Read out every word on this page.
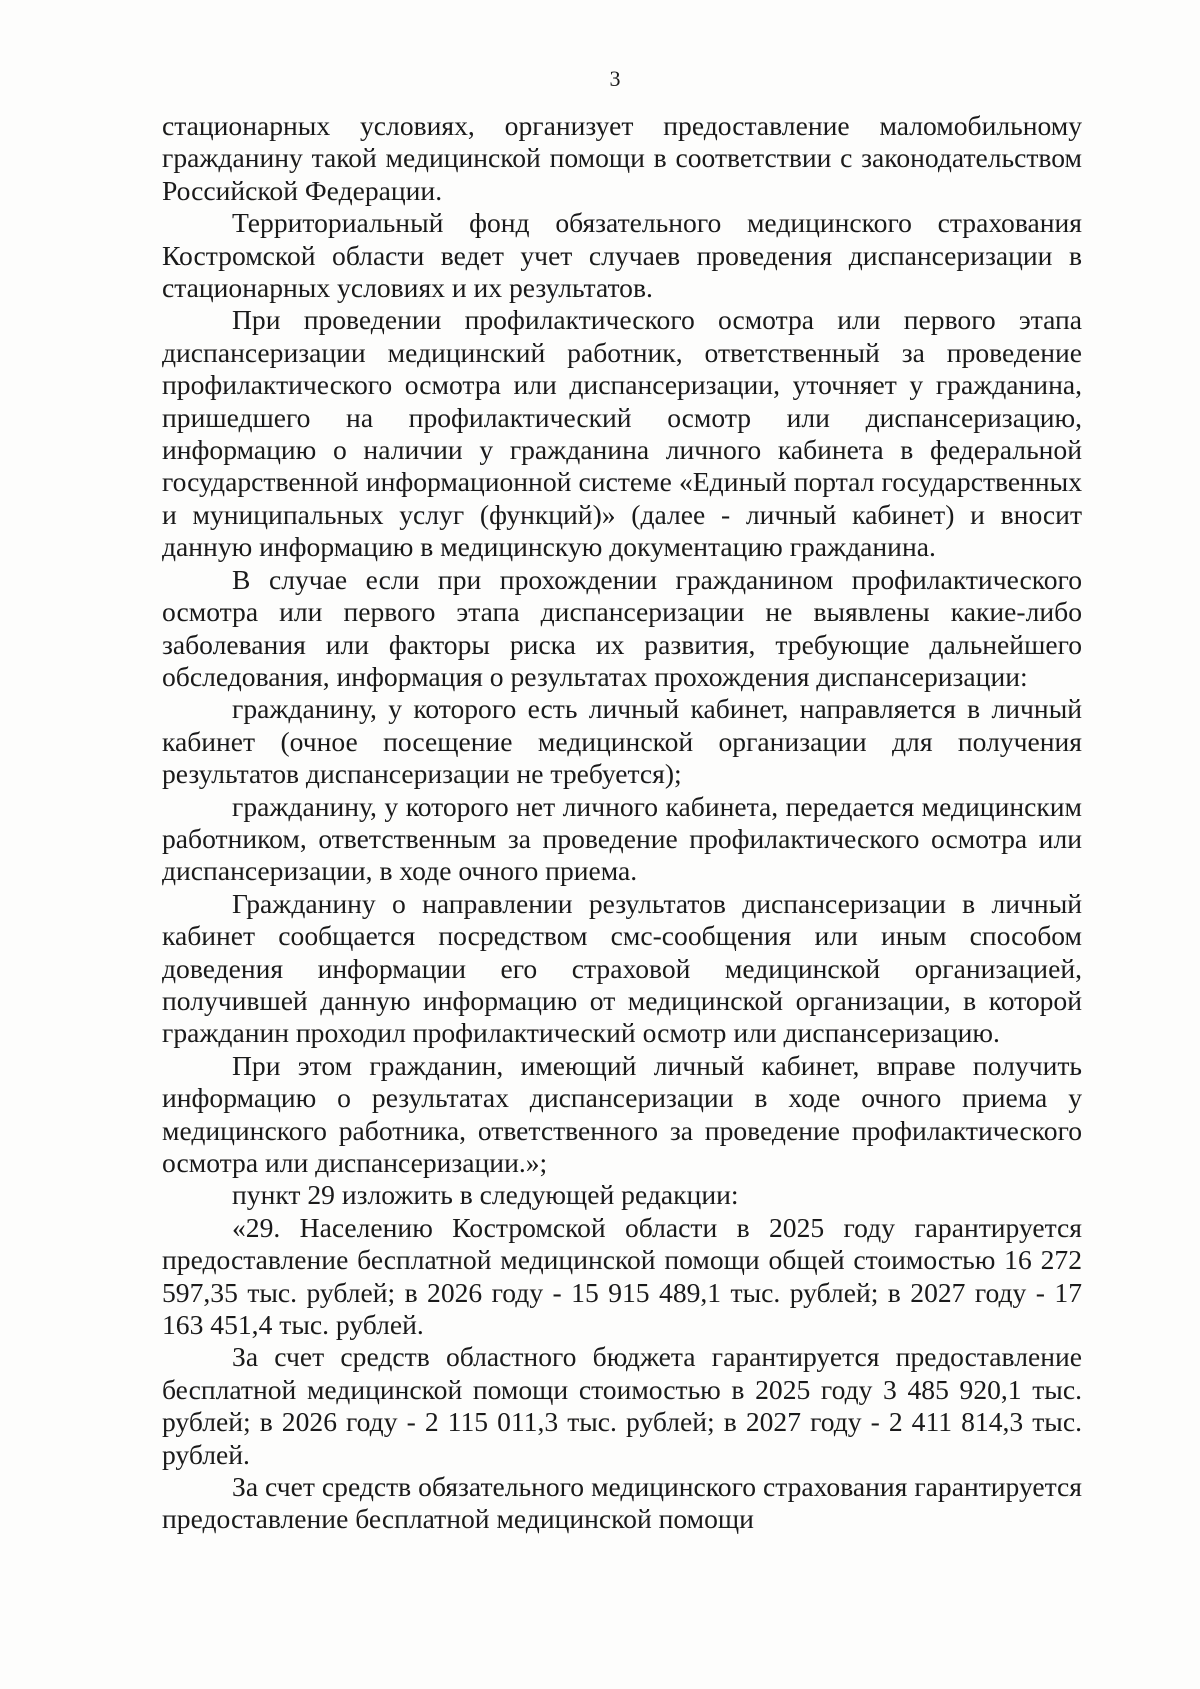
3

стационарных условиях, организует предоставление маломобильному гражданину такой медицинской помощи в соответствии с законодательством Российской Федерации.

Территориальный фонд обязательного медицинского страхования Костромской области ведет учет случаев проведения диспансеризации в стационарных условиях и их результатов.

При проведении профилактического осмотра или первого этапа диспансеризации медицинский работник, ответственный за проведение профилактического осмотра или диспансеризации, уточняет у гражданина, пришедшего на профилактический осмотр или диспансеризацию, информацию о наличии у гражданина личного кабинета в федеральной государственной информационной системе «Единый портал государственных и муниципальных услуг (функций)» (далее - личный кабинет) и вносит данную информацию в медицинскую документацию гражданина.

В случае если при прохождении гражданином профилактического осмотра или первого этапа диспансеризации не выявлены какие-либо заболевания или факторы риска их развития, требующие дальнейшего обследования, информация о результатах прохождения диспансеризации:

гражданину, у которого есть личный кабинет, направляется в личный кабинет (очное посещение медицинской организации для получения результатов диспансеризации не требуется);

гражданину, у которого нет личного кабинета, передается медицинским работником, ответственным за проведение профилактического осмотра или диспансеризации, в ходе очного приема.

Гражданину о направлении результатов диспансеризации в личный кабинет сообщается посредством смс-сообщения или иным способом доведения информации его страховой медицинской организацией, получившей данную информацию от медицинской организации, в которой гражданин проходил профилактический осмотр или диспансеризацию.

При этом гражданин, имеющий личный кабинет, вправе получить информацию о результатах диспансеризации в ходе очного приема у медицинского работника, ответственного за проведение профилактического осмотра или диспансеризации.»;

пункт 29 изложить в следующей редакции:

«29. Населению Костромской области в 2025 году гарантируется предоставление бесплатной медицинской помощи общей стоимостью 16 272 597,35 тыс. рублей; в 2026 году - 15 915 489,1 тыс. рублей; в 2027 году - 17 163 451,4 тыс. рублей.

За счет средств областного бюджета гарантируется предоставление бесплатной медицинской помощи стоимостью в 2025 году 3 485 920,1 тыс. рублей; в 2026 году - 2 115 011,3 тыс. рублей; в 2027 году - 2 411 814,3 тыс. рублей.

За счет средств обязательного медицинского страхования гарантируется предоставление бесплатной медицинской помощи
